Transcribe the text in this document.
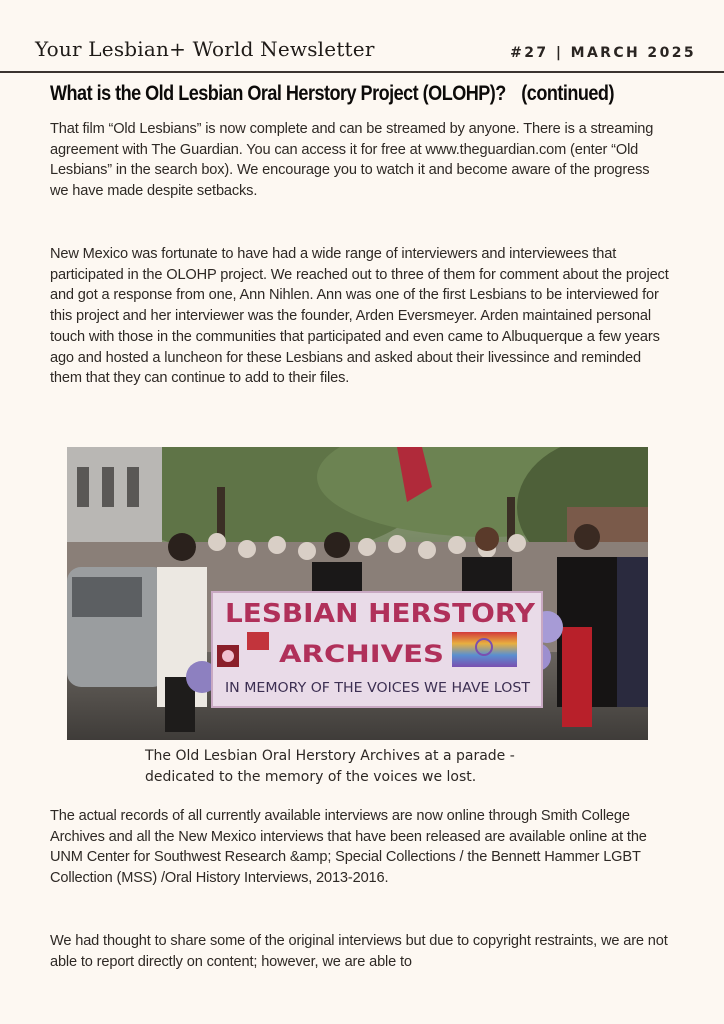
Your Lesbian+ World Newsletter	#27 | MARCH 2025
What is the Old Lesbian Oral Herstory Project (OLOHP)? (continued)

That film “Old Lesbians” is now complete and can be streamed by anyone. There is a streaming agreement with The Guardian. You can access it for free at www.theguardian.com (enter “Old Lesbians” in the search box). We encourage you to watch it and become aware of the progress we have made despite setbacks.

New Mexico was fortunate to have had a wide range of interviewers and interviewees that participated in the OLOHP project. We reached out to three of them for comment about the project and got a response from one, Ann Nihlen. Ann was one of the first Lesbians to be interviewed for this project and her interviewer was the founder, Arden Eversmeyer. Arden maintained personal touch with those in the communities that participated and even came to Albuquerque a few years ago and hosted a luncheon for these Lesbians and asked about their livessince and reminded them that they can continue to add to their files.

LESBIAN HERSTORY
ARCHIVES
IN MEMORY OF THE VOICES WE HAVE LOST
The Old Lesbian Oral Herstory Archives at a parade - dedicated to the memory of the voices we lost.

The actual records of all currently available interviews are now online through Smith College Archives and all the New Mexico interviews that have been released are available online at the UNM Center for Southwest Research &amp; Special Collections / the Bennett Hammer LGBT Collection (MSS) /Oral History Interviews, 2013-2016.

We had thought to share some of the original interviews but due to copyright restraints, we are not able to report directly on content; however, we are able to
